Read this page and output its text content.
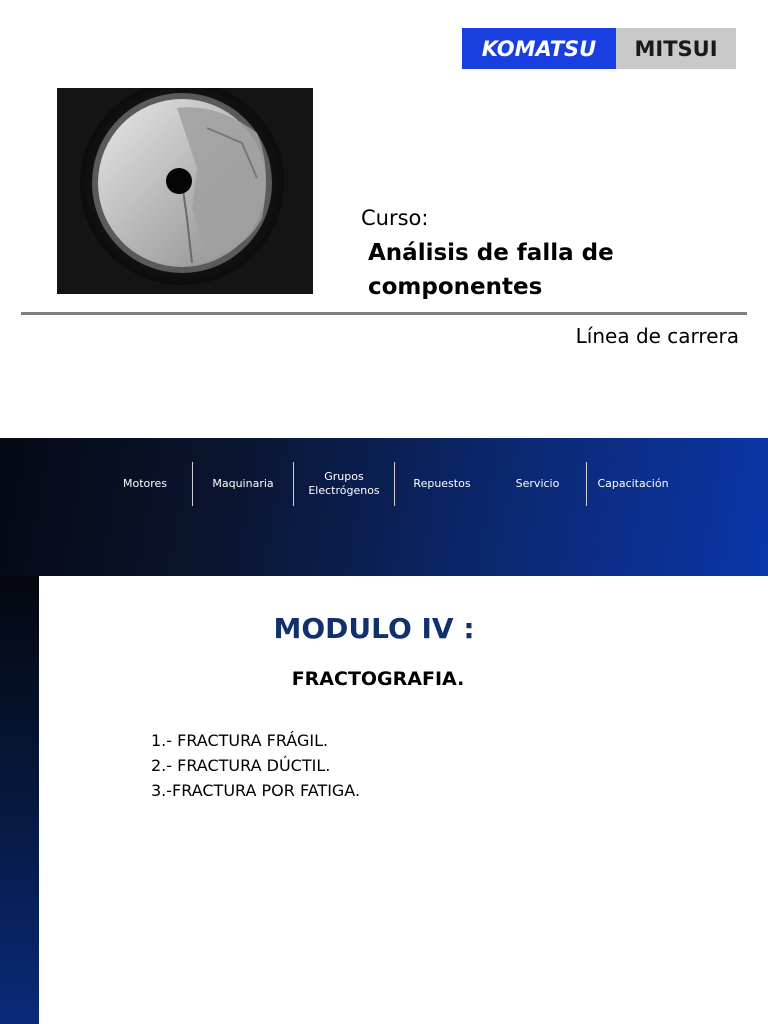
KOMATSU	MITSUI
Curso:
Análisis de falla de componentes
Línea de carrera
Motores	Maquinaria
Grupos Electrógenos
Repuestos	Servicio	Capacitación
MODULO IV :
FRACTOGRAFIA.
1.- FRACTURA FRÁGIL.
2.- FRACTURA DÚCTIL.
3.-FRACTURA POR FATIGA.
